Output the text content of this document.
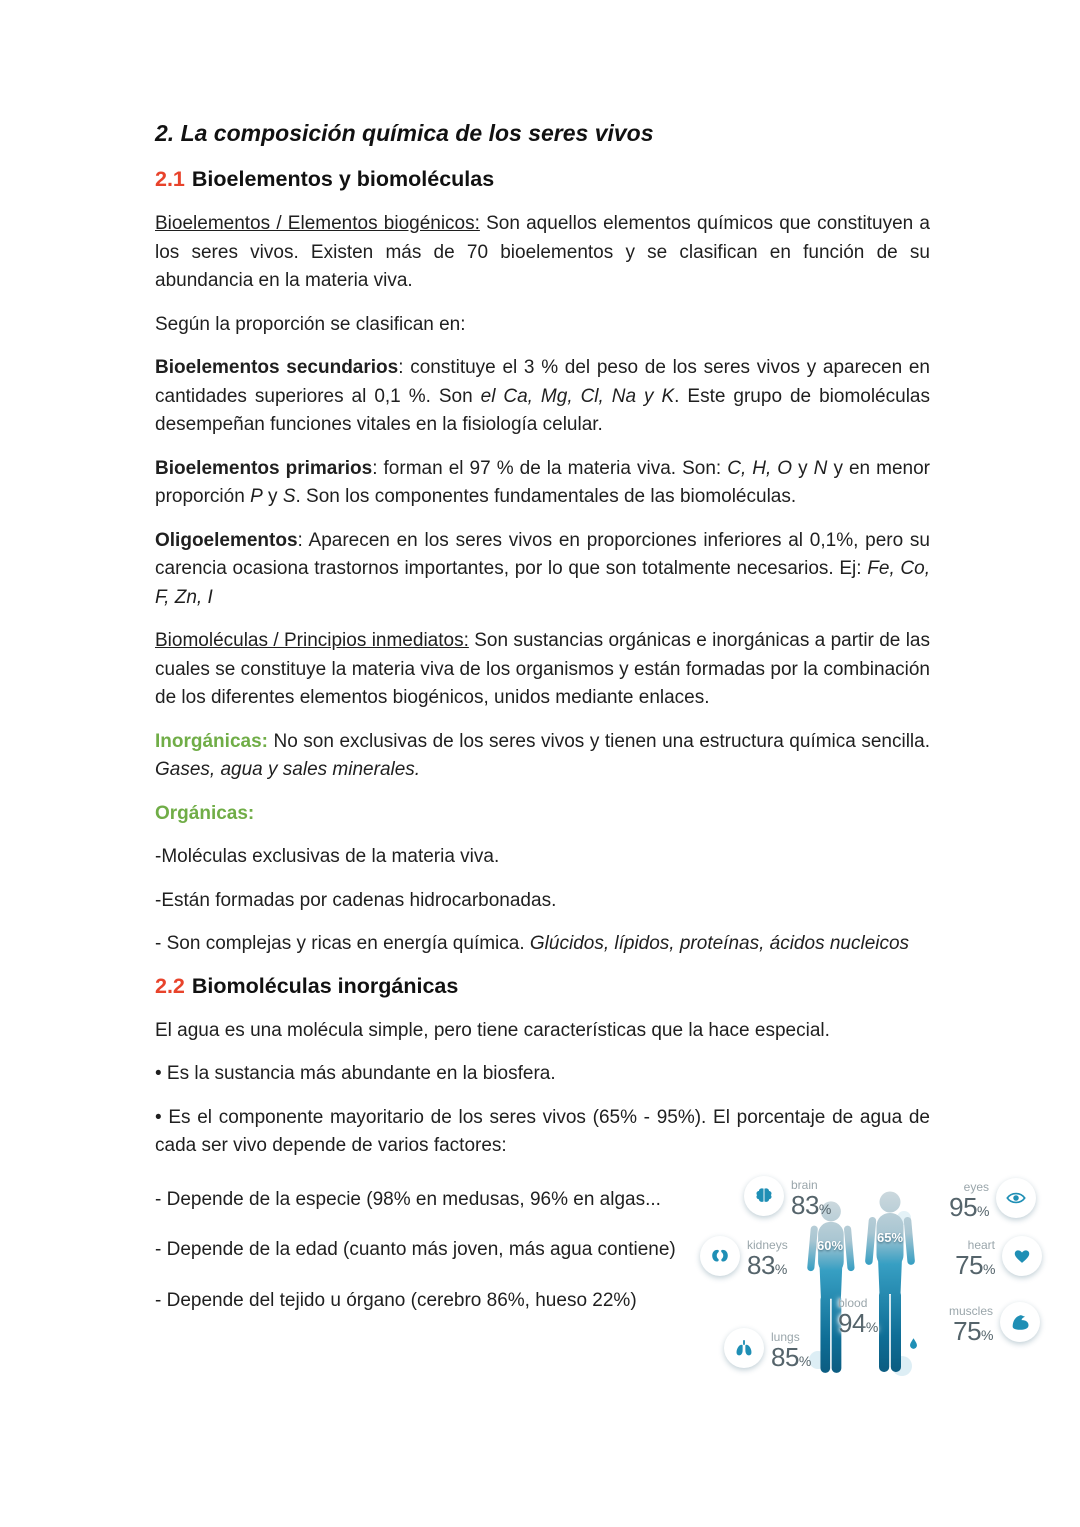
2. La composición química de los seres vivos
2.1 Bioelementos y biomoléculas

Bioelementos / Elementos biogénicos: Son aquellos elementos químicos que constituyen a los seres vivos. Existen más de 70 bioelementos y se clasifican en función de su abundancia en la materia viva.

Según la proporción se clasifican en:

Bioelementos secundarios: constituye el 3 % del peso de los seres vivos y aparecen en cantidades superiores al 0,1 %. Son el Ca, Mg, Cl, Na y K. Este grupo de biomoléculas desempeñan funciones vitales en la fisiología celular.

Bioelementos primarios: forman el 97 % de la materia viva. Son: C, H, O y N y en menor proporción P y S. Son los componentes fundamentales de las biomoléculas.

Oligoelementos: Aparecen en los seres vivos en proporciones inferiores al 0,1%, pero su carencia ocasiona trastornos importantes, por lo que son totalmente necesarios. Ej: Fe, Co, F, Zn, I

Biomoléculas / Principios inmediatos: Son sustancias orgánicas e inorgánicas a partir de las cuales se constituye la materia viva de los organismos y están formadas por la combinación de los diferentes elementos biogénicos, unidos mediante enlaces.

Inorgánicas: No son exclusivas de los seres vivos y tienen una estructura química sencilla. Gases, agua y sales minerales.

Orgánicas:

-Moléculas exclusivas de la materia viva.

-Están formadas por cadenas hidrocarbonadas.

- Son complejas y ricas en energía química. Glúcidos, lípidos, proteínas, ácidos nucleicos

2.2 Biomoléculas inorgánicas

El agua es una molécula simple, pero tiene características que la hace especial.

• Es la sustancia más abundante en la biosfera.

• Es el componente mayoritario de los seres vivos (65% - 95%). El porcentaje de agua de cada ser vivo depende de varios factores:

- Depende de la especie (98% en medusas, 96% en algas...

- Depende de la edad (cuanto más joven, más agua contiene)

- Depende del tejido u órgano (cerebro 86%, hueso 22%)

60%
65%
brain
83%
kidneys
83%
lungs
85%
eyes
95%
heart
75%
muscles
75%
blood
94%
